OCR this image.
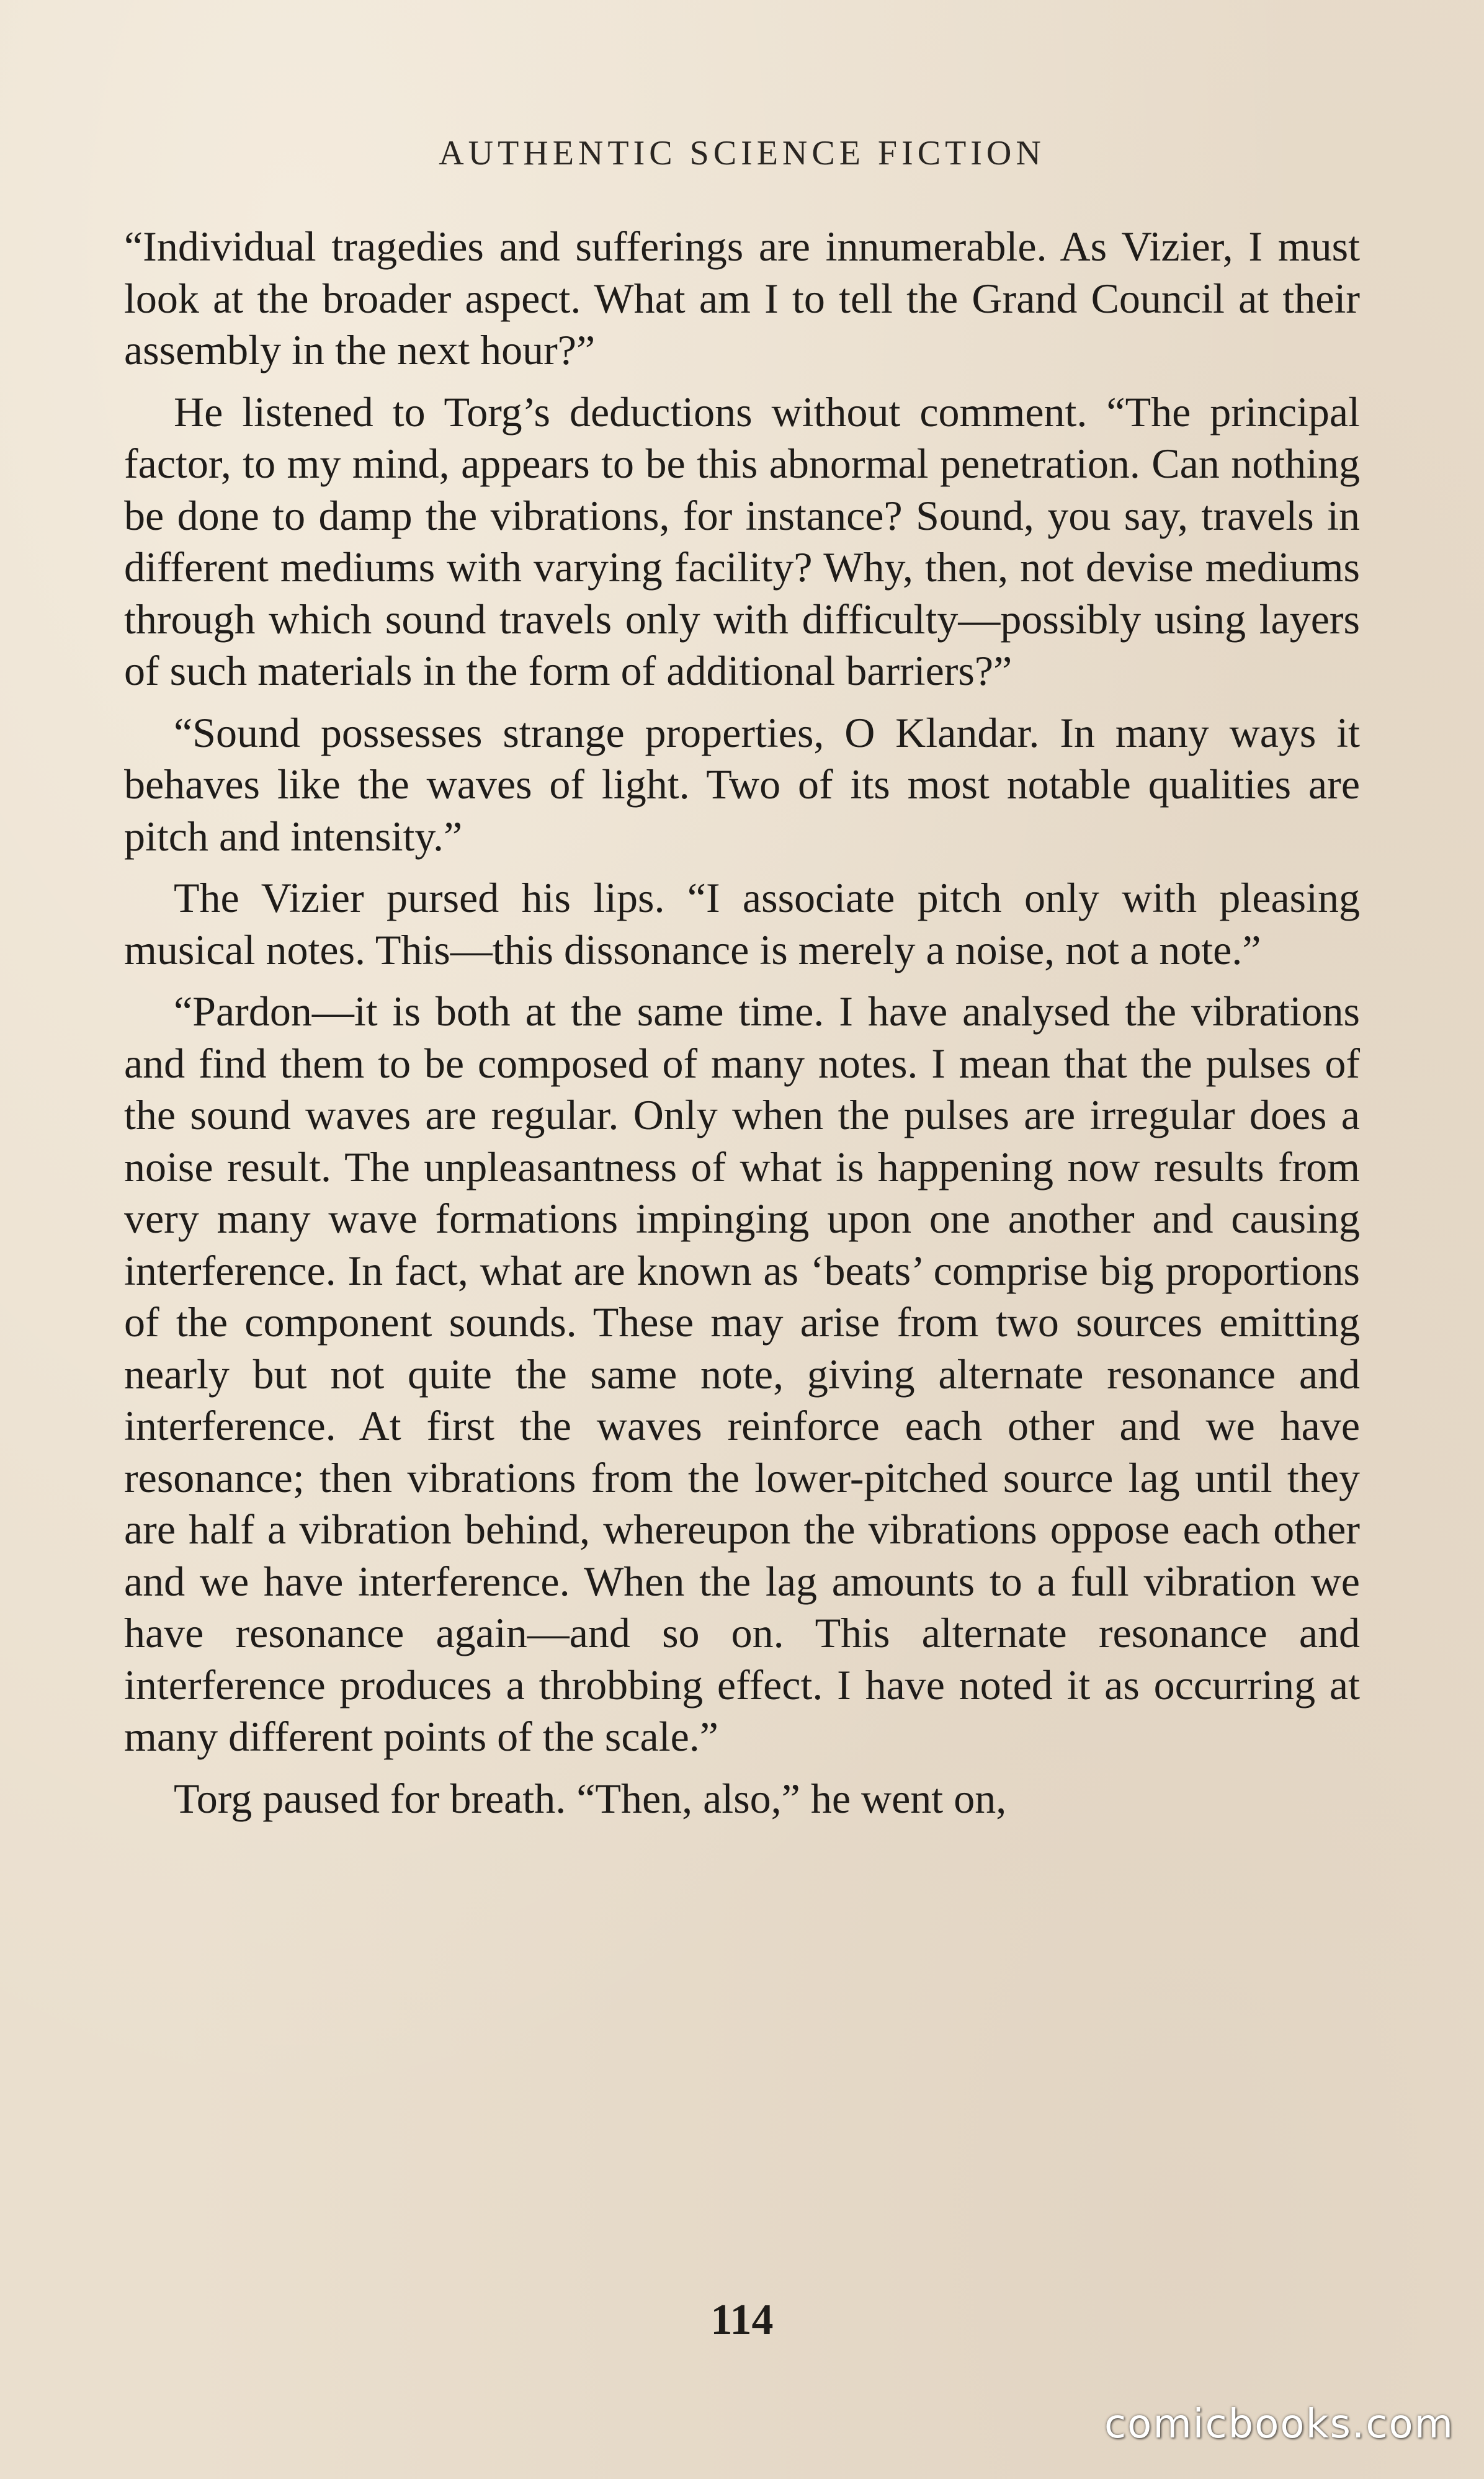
AUTHENTIC SCIENCE FICTION

“Individual tragedies and sufferings are innumerable. As Vizier, I must look at the broader aspect. What am I to tell the Grand Council at their assembly in the next hour?”

He listened to Torg’s deductions without comment. “The principal factor, to my mind, appears to be this abnormal penetration. Can nothing be done to damp the vibrations, for instance? Sound, you say, travels in different mediums with varying facility? Why, then, not devise mediums through which sound travels only with difficulty—possibly using layers of such materials in the form of additional barriers?”

“Sound possesses strange properties, O Klandar. In many ways it behaves like the waves of light. Two of its most notable qualities are pitch and intensity.”

The Vizier pursed his lips. “I associate pitch only with pleasing musical notes. This—this dissonance is merely a noise, not a note.”

“Pardon—it is both at the same time. I have analysed the vibrations and find them to be composed of many notes. I mean that the pulses of the sound waves are regular. Only when the pulses are irregular does a noise result. The unpleasantness of what is happening now results from very many wave formations impinging upon one another and causing interference. In fact, what are known as ‘beats’ comprise big proportions of the component sounds. These may arise from two sources emitting nearly but not quite the same note, giving alternate resonance and interference. At first the waves reinforce each other and we have resonance; then vibrations from the lower-pitched source lag until they are half a vibration behind, whereupon the vibrations oppose each other and we have interference. When the lag amounts to a full vibration we have resonance again—and so on. This alternate resonance and interference produces a throbbing effect. I have noted it as occurring at many different points of the scale.”

Torg paused for breath. “Then, also,” he went on,

114
comicbooks.com
